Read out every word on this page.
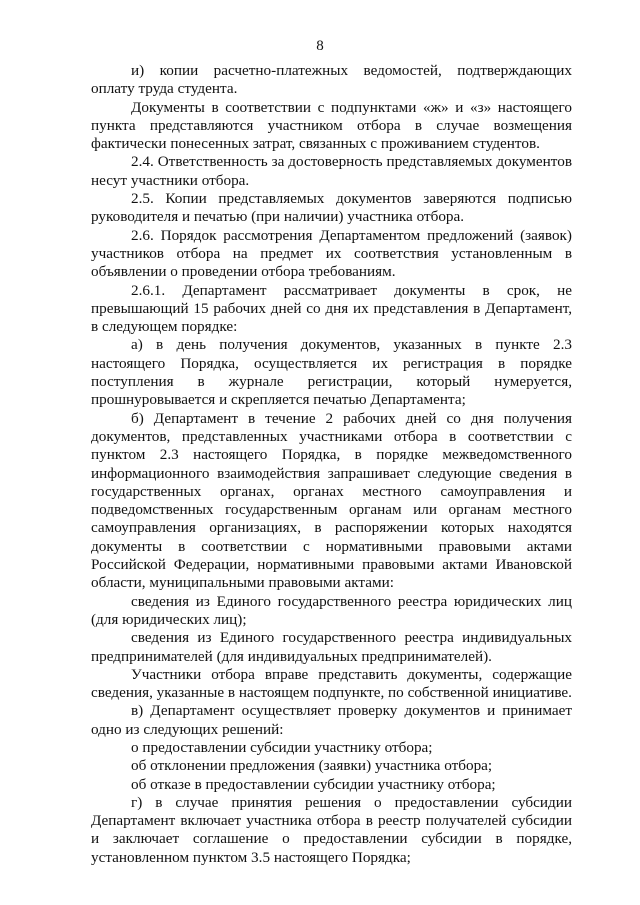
8

и) копии расчетно-платежных ведомостей, подтверждающих оплату труда студента.

Документы в соответствии с подпунктами «ж» и «з» настоящего пункта представляются участником отбора в случае возмещения фактически понесенных затрат, связанных с проживанием студентов.

2.4. Ответственность за достоверность представляемых документов несут участники отбора.

2.5. Копии представляемых документов заверяются подписью руководителя и печатью (при наличии) участника отбора.

2.6. Порядок рассмотрения Департаментом предложений (заявок) участников отбора на предмет их соответствия установленным в объявлении о проведении отбора требованиям.

2.6.1. Департамент рассматривает документы в срок, не превышающий 15 рабочих дней со дня их представления в Департамент, в следующем порядке:

а) в день получения документов, указанных в пункте 2.3 настоящего Порядка, осуществляется их регистрация в порядке поступления в журнале регистрации, который нумеруется, прошнуровывается и скрепляется печатью Департамента;

б) Департамент в течение 2 рабочих дней со дня получения документов, представленных участниками отбора в соответствии с пунктом 2.3 настоящего Порядка, в порядке межведомственного информационного взаимодействия запрашивает следующие сведения в государственных органах, органах местного самоуправления и подведомственных государственным органам или органам местного самоуправления организациях, в распоряжении которых находятся документы в соответствии с нормативными правовыми актами Российской Федерации, нормативными правовыми актами Ивановской области, муниципальными правовыми актами:

сведения из Единого государственного реестра юридических лиц (для юридических лиц);

сведения из Единого государственного реестра индивидуальных предпринимателей (для индивидуальных предпринимателей).

Участники отбора вправе представить документы, содержащие сведения, указанные в настоящем подпункте, по собственной инициативе.

в) Департамент осуществляет проверку документов и принимает одно из следующих решений:

о предоставлении субсидии участнику отбора;

об отклонении предложения (заявки) участника отбора;

об отказе в предоставлении субсидии участнику отбора;

г) в случае принятия решения о предоставлении субсидии Департамент включает участника отбора в реестр получателей субсидии и заключает соглашение о предоставлении субсидии в порядке, установленном пунктом 3.5 настоящего Порядка;
